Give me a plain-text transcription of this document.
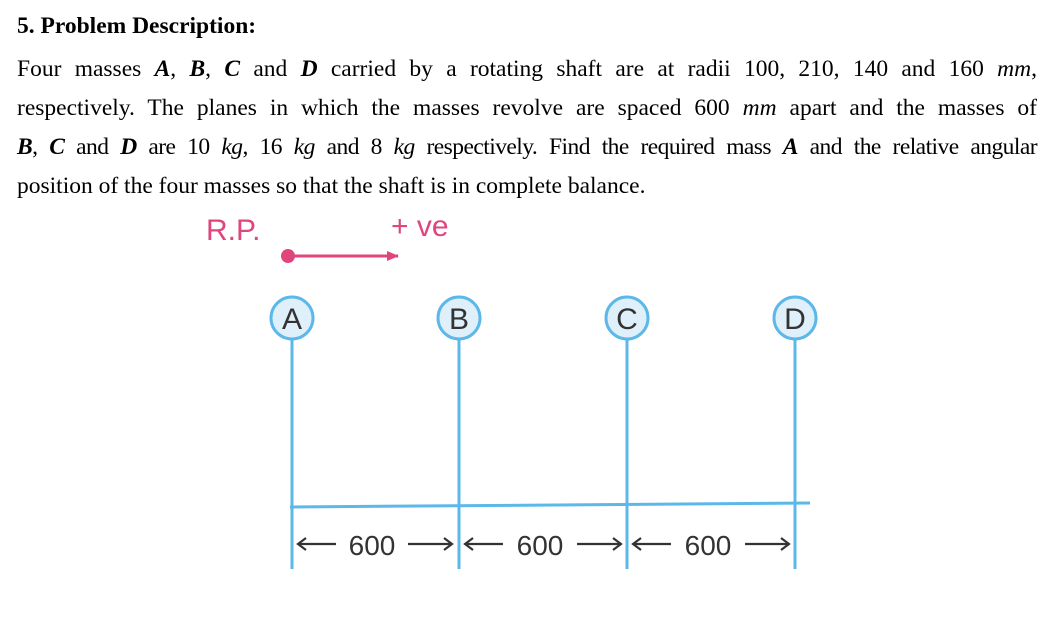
5. Problem Description:
Four masses A, B, C and D carried by a rotating shaft are at radii 100, 210, 140 and 160 mm,
respectively. The planes in which the masses revolve are spaced 600 mm apart and the masses of
B, C and D are 10 kg, 16 kg and 8 kg respectively. Find the required mass A and the relative angular
position of the four masses so that the shaft is in complete balance.
R.P.	+ ve
A	B	C	D
600	600	600
